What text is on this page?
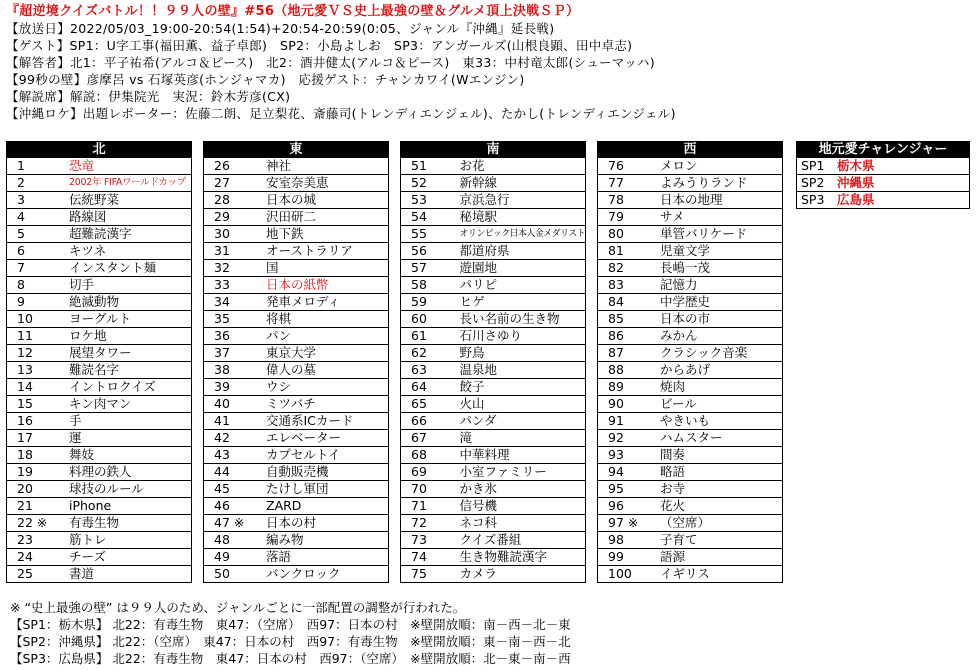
『超逆境クイズバトル！！９９人の壁』#56（地元愛ＶＳ史上最強の壁＆グルメ頂上決戦ＳＰ）
【放送日】2022/05/03_19:00-20:54(1:54)+20:54-20:59(0:05、ジャンル『沖縄』延長戦)
【ゲスト】SP1：U字工事(福田薫、益子卓郎)　SP2：小島よしお　SP3：アンガールズ(山根良顕、田中卓志)
【解答者】北1：平子祐希(アルコ＆ピース)　北2：酒井健太(アルコ＆ピース)　東33：中村竜太郎(シューマッハ)
【99秒の壁】彦摩呂 vs 石塚英彦(ホンジャマカ)　応援ゲスト：チャンカワイ(Wエンジン)
【解説席】解説：伊集院光　実況：鈴木芳彦(CX)
【沖縄ロケ】出題レポーター：佐藤二朗、足立梨花、斎藤司(トレンディエンジェル)、たかし(トレンディエンジェル)
北	
1	恐竜
2	2002年 FIFAワールドカップ
3	伝統野菜
4	路線図
5	超難読漢字
6	キツネ
7	インスタント麺
8	切手
9	絶滅動物
10	ヨーグルト
11	ロケ地
12	展望タワー
13	難読名字
14	イントロクイズ
15	キン肉マン
16	手
17	運
18	舞妓
19	料理の鉄人
20	球技のルール
21	iPhone
22 ※	有毒生物
23	筋トレ
24	チーズ
25	書道
東	
26	神社
27	安室奈美恵
28	日本の城
29	沢田研二
30	地下鉄
31	オーストラリア
32	国
33	日本の紙幣
34	発車メロディ
35	将棋
36	パン
37	東京大学
38	偉人の墓
39	ウシ
40	ミツバチ
41	交通系ICカード
42	エレベーター
43	カプセルトイ
44	自動販売機
45	たけし軍団
46	ZARD
47 ※	日本の村
48	編み物
49	落語
50	バンクロック
南	
51	お花
52	新幹線
53	京浜急行
54	秘境駅
55	オリンピック日本人金メダリスト
56	都道府県
57	遊園地
58	パリピ
59	ヒゲ
60	長い名前の生き物
61	石川さゆり
62	野鳥
63	温泉地
64	餃子
65	火山
66	パンダ
67	滝
68	中華料理
69	小室ファミリー
70	かき氷
71	信号機
72	ネコ科
73	クイズ番組
74	生き物難読漢字
75	カメラ
西	
76	メロン
77	よみうりランド
78	日本の地理
79	サメ
80	単管バリケード
81	児童文学
82	長嶋一茂
83	記憶力
84	中学歴史
85	日本の市
86	みかん
87	クラシック音楽
88	からあげ
89	焼肉
90	ビール
91	やきいも
92	ハムスター
93	間奏
94	略語
95	お寺
96	花火
97 ※	（空席）
98	子育て
99	語源
100	イギリス
地元愛チャレンジャー	
SP1	栃木県
SP2	沖縄県
SP3	広島県
※ “史上最強の壁” は９９人のため、ジャンルごとに一部配置の調整が行われた。
【SP1：栃木県】 北22：有毒生物　東47：（空席）　西97：日本の村　※壁開放順：南－西－北－東
【SP2：沖縄県】 北22：（空席）　東47：日本の村　西97：有毒生物　※壁開放順：東－南－西－北
【SP3：広島県】 北22：有毒生物　東47：日本の村　西97：（空席）　※壁開放順：北－東－南－西
